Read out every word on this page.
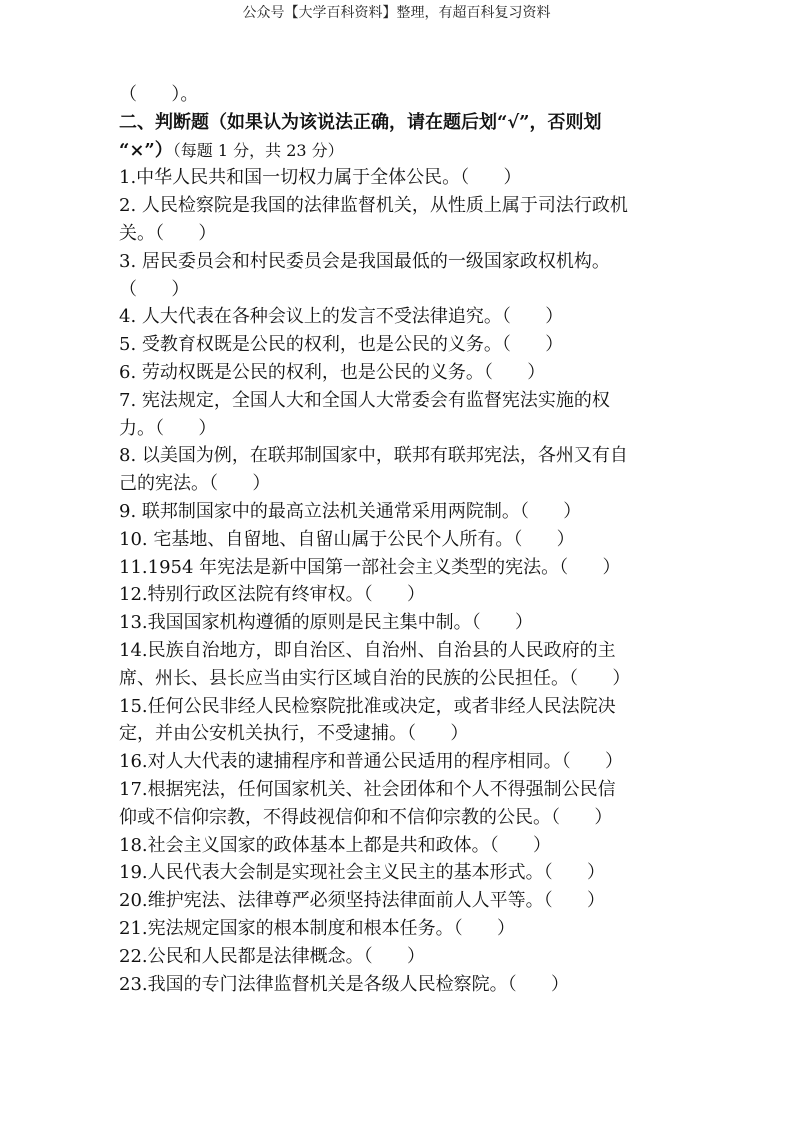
公众号【大学百科资料】整理，有超百科复习资料
（      ）。
二、判断题（如果认为该说法正确，请在题后划“√”，否则划
“×”）（每题 1 分，共 23 分）
1.中华人民共和国一切权力属于全体公民。（      ）
2. 人民检察院是我国的法律监督机关，从性质上属于司法行政机
关。（      ）
3. 居民委员会和村民委员会是我国最低的一级国家政权机构。
（      ）
4. 人大代表在各种会议上的发言不受法律追究。（      ）
5. 受教育权既是公民的权利，也是公民的义务。（      ）
6. 劳动权既是公民的权利，也是公民的义务。（      ）
7. 宪法规定，全国人大和全国人大常委会有监督宪法实施的权
力。（      ）
8. 以美国为例，在联邦制国家中，联邦有联邦宪法，各州又有自
己的宪法。（      ）
9. 联邦制国家中的最高立法机关通常采用两院制。（      ）
10. 宅基地、自留地、自留山属于公民个人所有。（      ）
11.1954 年宪法是新中国第一部社会主义类型的宪法。（      ）
12.特别行政区法院有终审权。（      ）
13.我国国家机构遵循的原则是民主集中制。（      ）
14.民族自治地方，即自治区、自治州、自治县的人民政府的主
席、州长、县长应当由实行区域自治的民族的公民担任。（      ）
15.任何公民非经人民检察院批准或决定，或者非经人民法院决
定，并由公安机关执行，不受逮捕。（      ）
16.对人大代表的逮捕程序和普通公民适用的程序相同。（      ）
17.根据宪法，任何国家机关、社会团体和个人不得强制公民信
仰或不信仰宗教，不得歧视信仰和不信仰宗教的公民。（      ）
18.社会主义国家的政体基本上都是共和政体。（      ）
19.人民代表大会制是实现社会主义民主的基本形式。（      ）
20.维护宪法、法律尊严必须坚持法律面前人人平等。（      ）
21.宪法规定国家的根本制度和根本任务。（      ）
22.公民和人民都是法律概念。（      ）
23.我国的专门法律监督机关是各级人民检察院。（      ）
